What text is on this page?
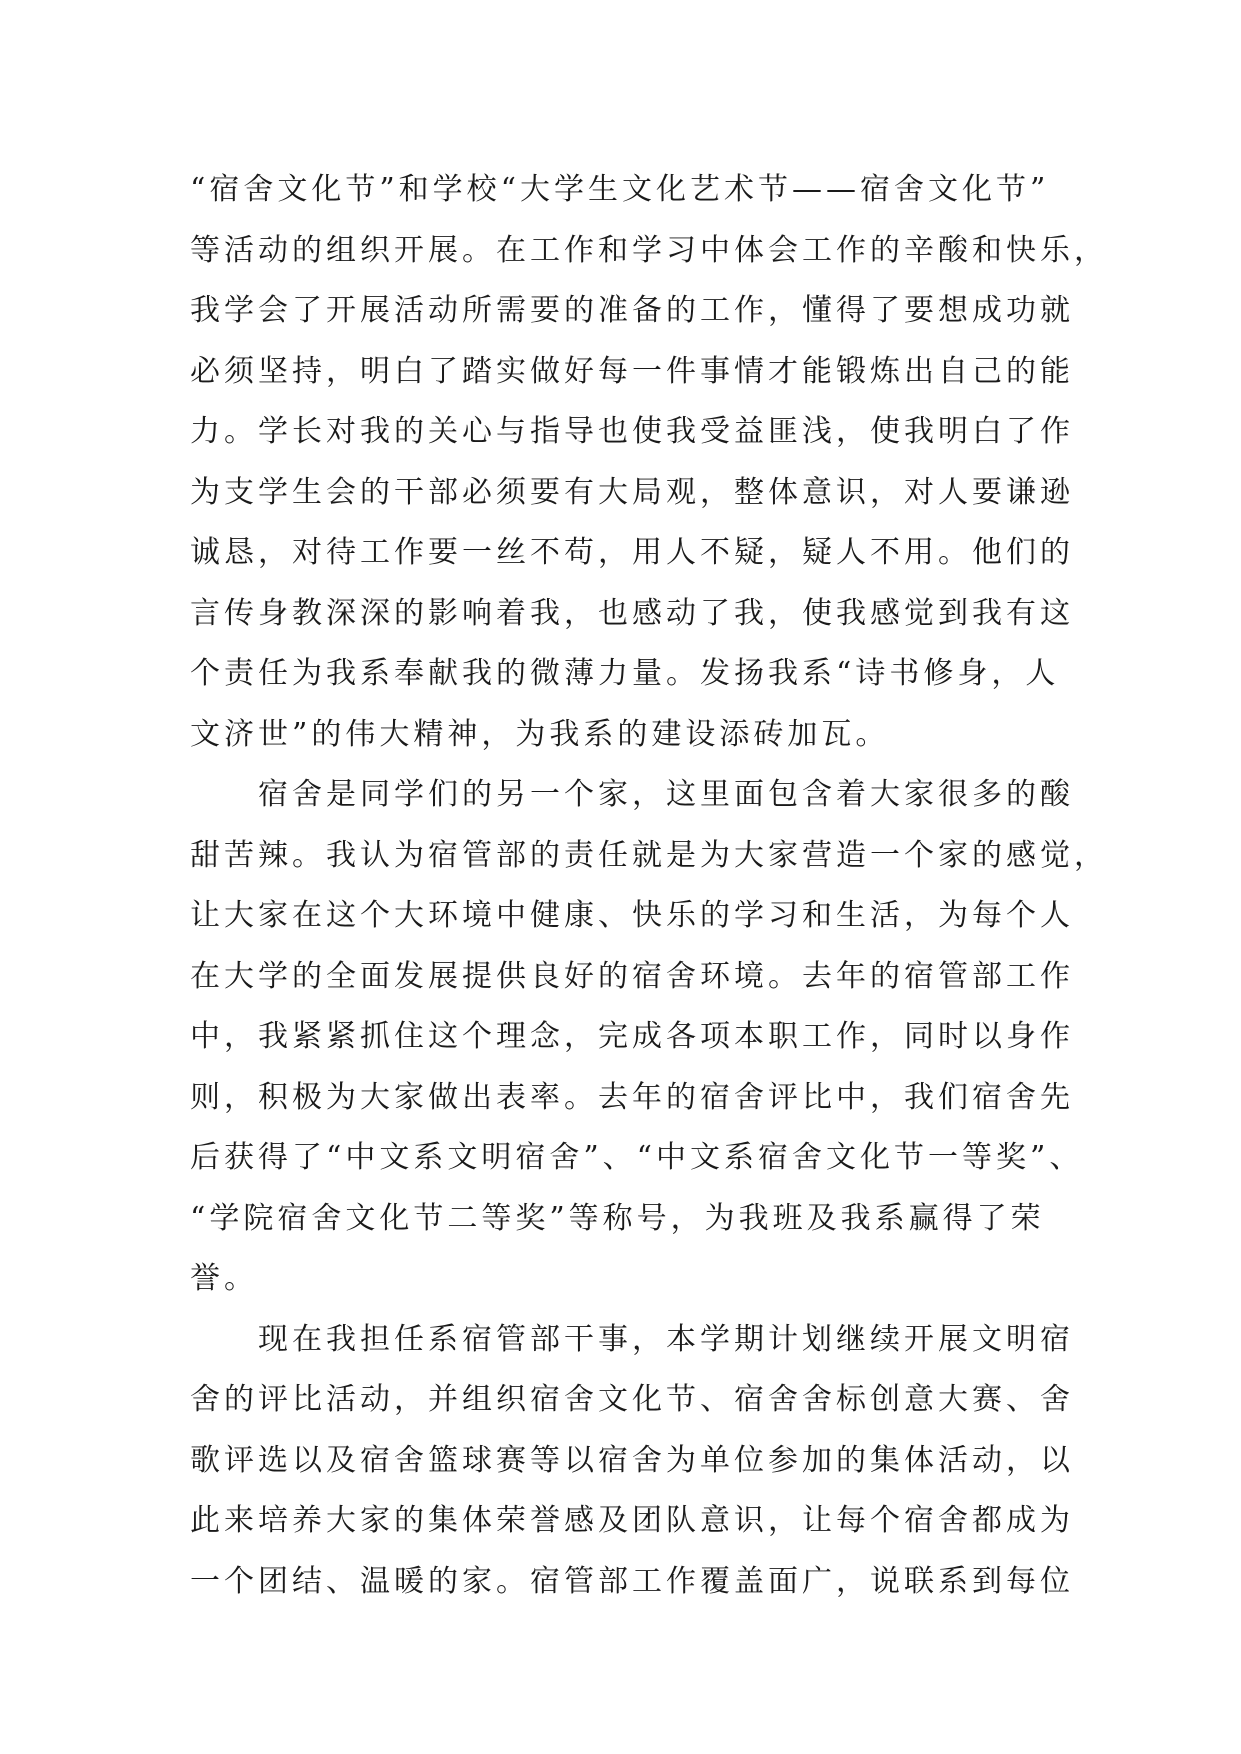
“宿舍文化节”和学校“大学生文化艺术节——宿舍文化节”
等活动的组织开展。在工作和学习中体会工作的辛酸和快乐，
我学会了开展活动所需要的准备的工作，懂得了要想成功就
必须坚持，明白了踏实做好每一件事情才能锻炼出自己的能
力。学长对我的关心与指导也使我受益匪浅，使我明白了作
为支学生会的干部必须要有大局观，整体意识，对人要谦逊
诚恳，对待工作要一丝不苟，用人不疑，疑人不用。他们的
言传身教深深的影响着我，也感动了我，使我感觉到我有这
个责任为我系奉献我的微薄力量。发扬我系“诗书修身，人
文济世”的伟大精神，为我系的建设添砖加瓦。
　　宿舍是同学们的另一个家，这里面包含着大家很多的酸
甜苦辣。我认为宿管部的责任就是为大家营造一个家的感觉，
让大家在这个大环境中健康、快乐的学习和生活，为每个人
在大学的全面发展提供良好的宿舍环境。去年的宿管部工作
中，我紧紧抓住这个理念，完成各项本职工作，同时以身作
则，积极为大家做出表率。去年的宿舍评比中，我们宿舍先
后获得了“中文系文明宿舍”、“中文系宿舍文化节一等奖”、
“学院宿舍文化节二等奖”等称号，为我班及我系赢得了荣
誉。
　　现在我担任系宿管部干事，本学期计划继续开展文明宿
舍的评比活动，并组织宿舍文化节、宿舍舍标创意大赛、舍
歌评选以及宿舍篮球赛等以宿舍为单位参加的集体活动，以
此来培养大家的集体荣誉感及团队意识，让每个宿舍都成为
一个团结、温暖的家。宿管部工作覆盖面广，说联系到每位
